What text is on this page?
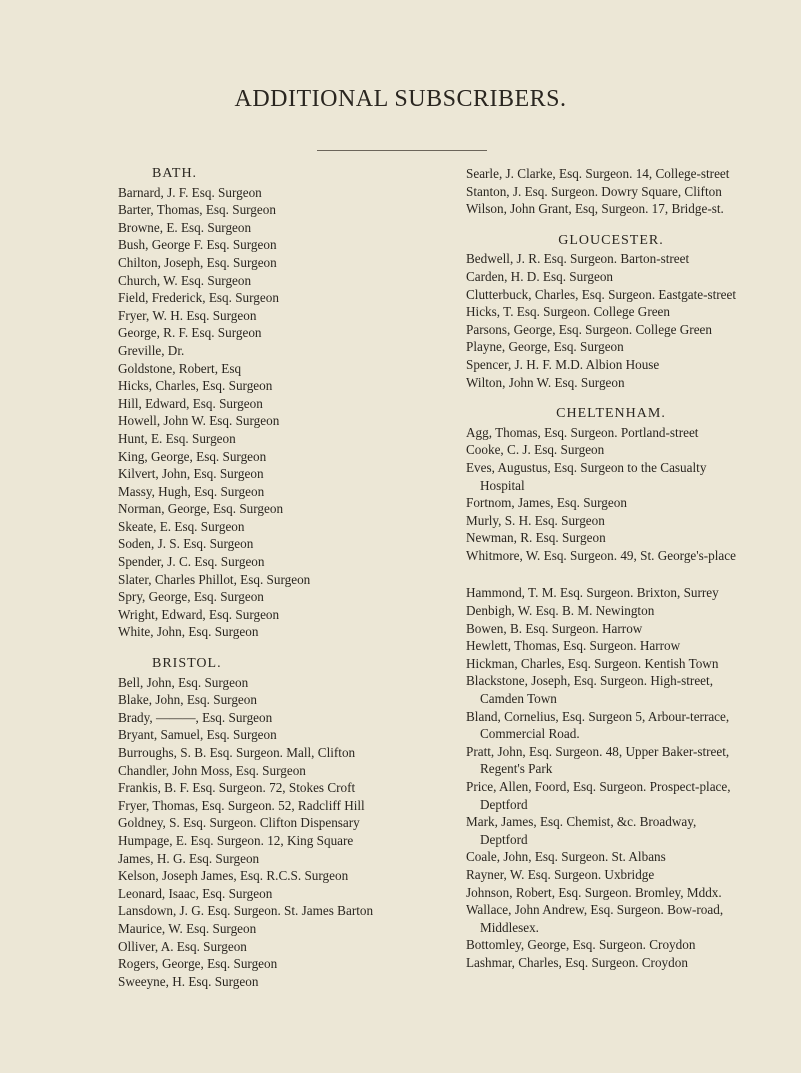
ADDITIONAL SUBSCRIBERS.
BATH.
Barnard, J. F. Esq. Surgeon
Barter, Thomas, Esq. Surgeon
Browne, E. Esq. Surgeon
Bush, George F. Esq. Surgeon
Chilton, Joseph, Esq. Surgeon
Church, W. Esq. Surgeon
Field, Frederick, Esq. Surgeon
Fryer, W. H. Esq. Surgeon
George, R. F. Esq. Surgeon
Greville, Dr.
Goldstone, Robert, Esq
Hicks, Charles, Esq. Surgeon
Hill, Edward, Esq. Surgeon
Howell, John W. Esq. Surgeon
Hunt, E. Esq. Surgeon
King, George, Esq. Surgeon
Kilvert, John, Esq. Surgeon
Massy, Hugh, Esq. Surgeon
Norman, George, Esq. Surgeon
Skeate, E. Esq. Surgeon
Soden, J. S. Esq. Surgeon
Spender, J. C. Esq. Surgeon
Slater, Charles Phillot, Esq. Surgeon
Spry, George, Esq. Surgeon
Wright, Edward, Esq. Surgeon
White, John, Esq. Surgeon
BRISTOL.
Bell, John, Esq. Surgeon
Blake, John, Esq. Surgeon
Brady, ———, Esq. Surgeon
Bryant, Samuel, Esq. Surgeon
Burroughs, S. B. Esq. Surgeon. Mall, Clifton
Chandler, John Moss, Esq. Surgeon
Frankis, B. F. Esq. Surgeon. 72, Stokes Croft
Fryer, Thomas, Esq. Surgeon. 52, Radcliff Hill
Goldney, S. Esq. Surgeon. Clifton Dispensary
Humpage, E. Esq. Surgeon. 12, King Square
James, H. G. Esq. Surgeon
Kelson, Joseph James, Esq. R.C.S. Surgeon
Leonard, Isaac, Esq. Surgeon
Lansdown, J. G. Esq. Surgeon. St. James Barton
Maurice, W. Esq. Surgeon
Olliver, A. Esq. Surgeon
Rogers, George, Esq. Surgeon
Sweeyne, H. Esq. Surgeon
Searle, J. Clarke, Esq. Surgeon. 14, College-street
Stanton, J. Esq. Surgeon. Dowry Square, Clifton
Wilson, John Grant, Esq, Surgeon. 17, Bridge-st.
GLOUCESTER.
Bedwell, J. R. Esq. Surgeon. Barton-street
Carden, H. D. Esq. Surgeon
Clutterbuck, Charles, Esq. Surgeon. Eastgate-street
Hicks, T. Esq. Surgeon. College Green
Parsons, George, Esq. Surgeon. College Green
Playne, George, Esq. Surgeon
Spencer, J. H. F. M.D. Albion House
Wilton, John W. Esq. Surgeon
CHELTENHAM.
Agg, Thomas, Esq. Surgeon. Portland-street
Cooke, C. J. Esq. Surgeon
Eves, Augustus, Esq. Surgeon to the Casualty
Hospital
Fortnom, James, Esq. Surgeon
Murly, S. H. Esq. Surgeon
Newman, R. Esq. Surgeon
Whitmore, W. Esq. Surgeon. 49, St. George's-place
Hammond, T. M. Esq. Surgeon. Brixton, Surrey
Denbigh, W. Esq. B. M. Newington
Bowen, B. Esq. Surgeon. Harrow
Hewlett, Thomas, Esq. Surgeon. Harrow
Hickman, Charles, Esq. Surgeon. Kentish Town
Blackstone, Joseph, Esq. Surgeon. High-street,
Camden Town
Bland, Cornelius, Esq. Surgeon 5, Arbour-terrace,
Commercial Road.
Pratt, John, Esq. Surgeon. 48, Upper Baker-street,
Regent's Park
Price, Allen, Foord, Esq. Surgeon. Prospect-place,
Deptford
Mark, James, Esq. Chemist, &c. Broadway,
Deptford
Coale, John, Esq. Surgeon. St. Albans
Rayner, W. Esq. Surgeon. Uxbridge
Johnson, Robert, Esq. Surgeon. Bromley, Mddx.
Wallace, John Andrew, Esq. Surgeon. Bow-road,
Middlesex.
Bottomley, George, Esq. Surgeon. Croydon
Lashmar, Charles, Esq. Surgeon. Croydon
